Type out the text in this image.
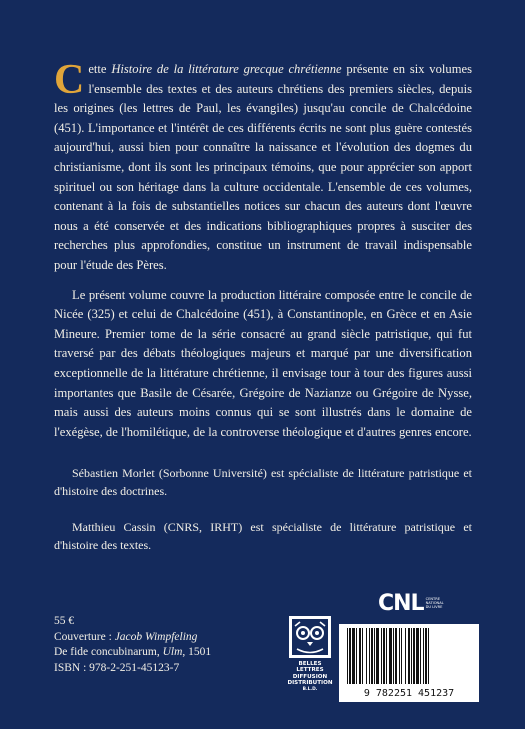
Cette Histoire de la littérature grecque chrétienne présente en six volumes l'ensemble des textes et des auteurs chrétiens des premiers siècles, depuis les origines (les lettres de Paul, les évangiles) jusqu'au concile de Chalcédoine (451). L'importance et l'intérêt de ces différents écrits ne sont plus guère contestés aujourd'hui, aussi bien pour connaître la naissance et l'évolution des dogmes du christianisme, dont ils sont les principaux témoins, que pour apprécier son apport spirituel ou son héritage dans la culture occidentale. L'ensemble de ces volumes, contenant à la fois de substantielles notices sur chacun des auteurs dont l'œuvre nous a été conservée et des indications bibliographiques propres à susciter des recherches plus approfondies, constitue un instrument de travail indispensable pour l'étude des Pères.

Le présent volume couvre la production littéraire composée entre le concile de Nicée (325) et celui de Chalcédoine (451), à Constantinople, en Grèce et en Asie Mineure. Premier tome de la série consacré au grand siècle patristique, qui fut traversé par des débats théologiques majeurs et marqué par une diversification exceptionnelle de la littérature chrétienne, il envisage tour à tour des figures aussi importantes que Basile de Césarée, Grégoire de Nazianze ou Grégoire de Nysse, mais aussi des auteurs moins connus qui se sont illustrés dans le domaine de l'exégèse, de l'homilétique, de la controverse théologique et d'autres genres encore.

Sébastien Morlet (Sorbonne Université) est spécialiste de littérature patristique et d'histoire des doctrines.

Matthieu Cassin (CNRS, IRHT) est spécialiste de littérature patristique et d'histoire des textes.

55 €
Couverture : Jacob Wimpfeling
De fide concubinarum, Ulm, 1501
ISBN : 978-2-251-45123-7
CNL CENTRE
NATIONAL
DU LIVRE
BELLES LETTRES
DIFFUSION
DISTRIBUTION
B.L.D.	9 782251 451237
